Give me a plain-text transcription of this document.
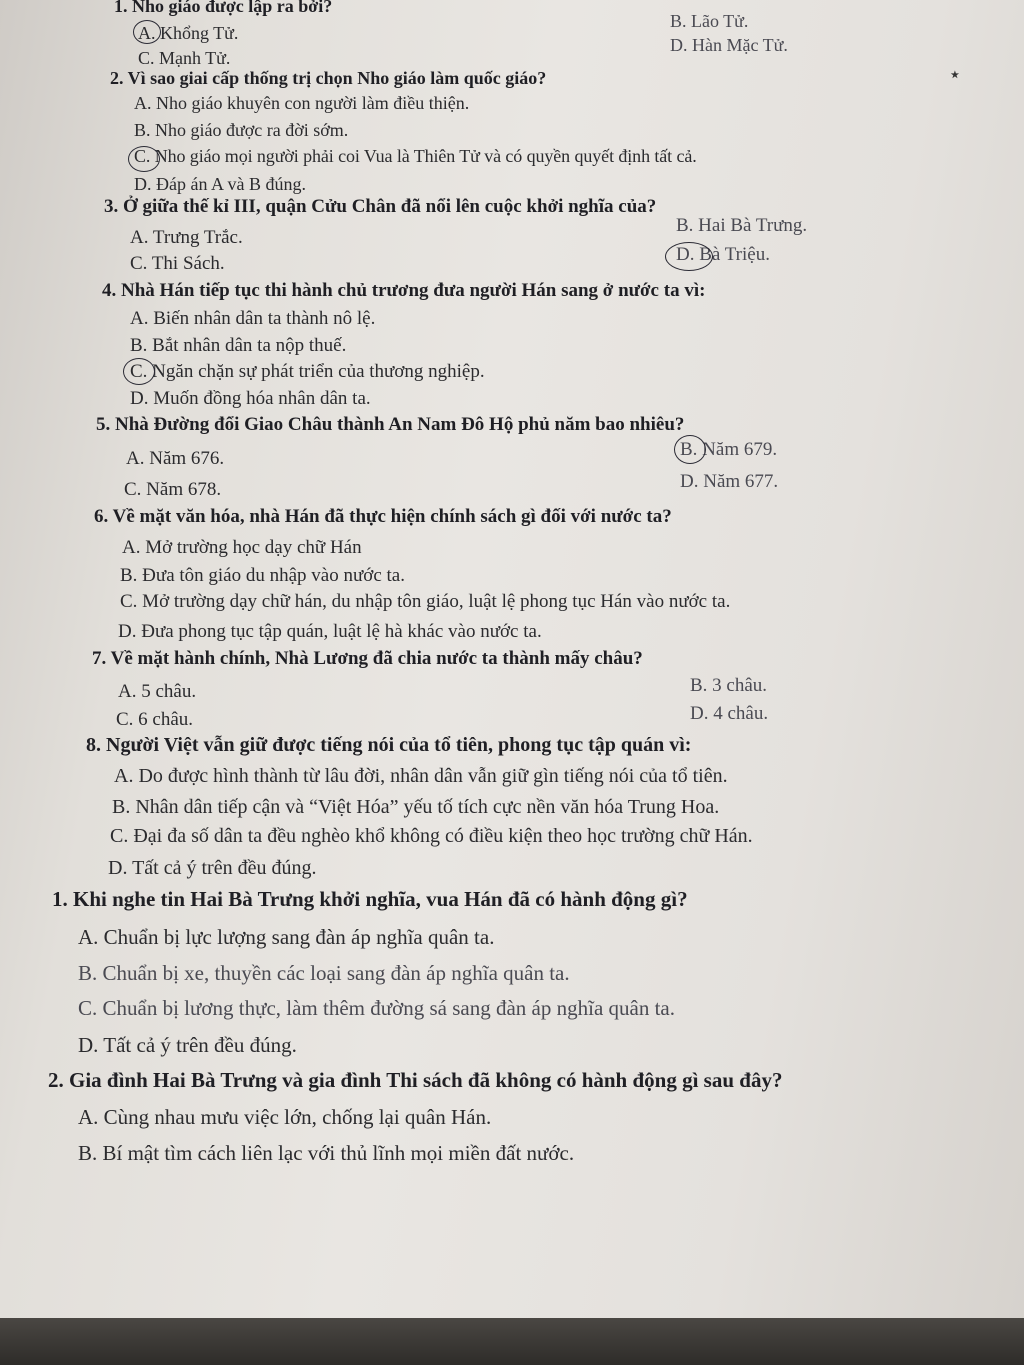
1. Nho giáo được lập ra bởi?
A. Khổng Tử.
B. Lão Tử.
C. Mạnh Tử.
D. Hàn Mặc Tử.
2. Vì sao giai cấp thống trị chọn Nho giáo làm quốc giáo?
A. Nho giáo khuyên con người làm điều thiện.
B. Nho giáo được ra đời sớm.
C. Nho giáo mọi người phải coi Vua là Thiên Tử và có quyền quyết định tất cả.
D. Đáp án A và B đúng.
٭
3. Ở giữa thế kỉ III, quận Cửu Chân đã nổi lên cuộc khởi nghĩa của?
A. Trưng Trắc.
B. Hai Bà Trưng.
C. Thi Sách.	D. Bà Triệu.
4. Nhà Hán tiếp tục thi hành chủ trương đưa người Hán sang ở nước ta vì:
A. Biến nhân dân ta thành nô lệ.
B. Bắt nhân dân ta nộp thuế.
C. Ngăn chặn sự phát triển của thương nghiệp.
D. Muốn đồng hóa nhân dân ta.
5. Nhà Đường đổi Giao Châu thành An Nam Đô Hộ phủ năm bao nhiêu?
A. Năm 676.	B. Năm 679.
C. Năm 678.	D. Năm 677.
6. Về mặt văn hóa, nhà Hán đã thực hiện chính sách gì đối với nước ta?
A. Mở trường học dạy chữ Hán
B. Đưa tôn giáo du nhập vào nước ta.
C. Mở trường dạy chữ hán, du nhập tôn giáo, luật lệ phong tục Hán vào nước ta.
D. Đưa phong tục tập quán, luật lệ hà khác vào nước ta.
7. Về mặt hành chính, Nhà Lương đã chia nước ta thành mấy châu?
A. 5 châu.	B. 3 châu.
C. 6 châu.	D. 4 châu.
8. Người Việt vẫn giữ được tiếng nói của tổ tiên, phong tục tập quán vì:
A. Do được hình thành từ lâu đời, nhân dân vẫn giữ gìn tiếng nói của tổ tiên.
B. Nhân dân tiếp cận và “Việt Hóa” yếu tố tích cực nền văn hóa Trung Hoa.
C. Đại đa số dân ta đều nghèo khổ không có điều kiện theo học trường chữ Hán.
D. Tất cả ý trên đều đúng.
1. Khi nghe tin Hai Bà Trưng khởi nghĩa, vua Hán đã có hành động gì?
A. Chuẩn bị lực lượng sang đàn áp nghĩa quân ta.
B. Chuẩn bị xe, thuyền các loại sang đàn áp nghĩa quân ta.
C. Chuẩn bị lương thực, làm thêm đường sá sang đàn áp nghĩa quân ta.
D. Tất cả ý trên đều đúng.
2. Gia đình Hai Bà Trưng và gia đình Thi sách đã không có hành động gì sau đây?
A. Cùng nhau mưu việc lớn, chống lại quân Hán.
B. Bí mật tìm cách liên lạc với thủ lĩnh mọi miền đất nước.
